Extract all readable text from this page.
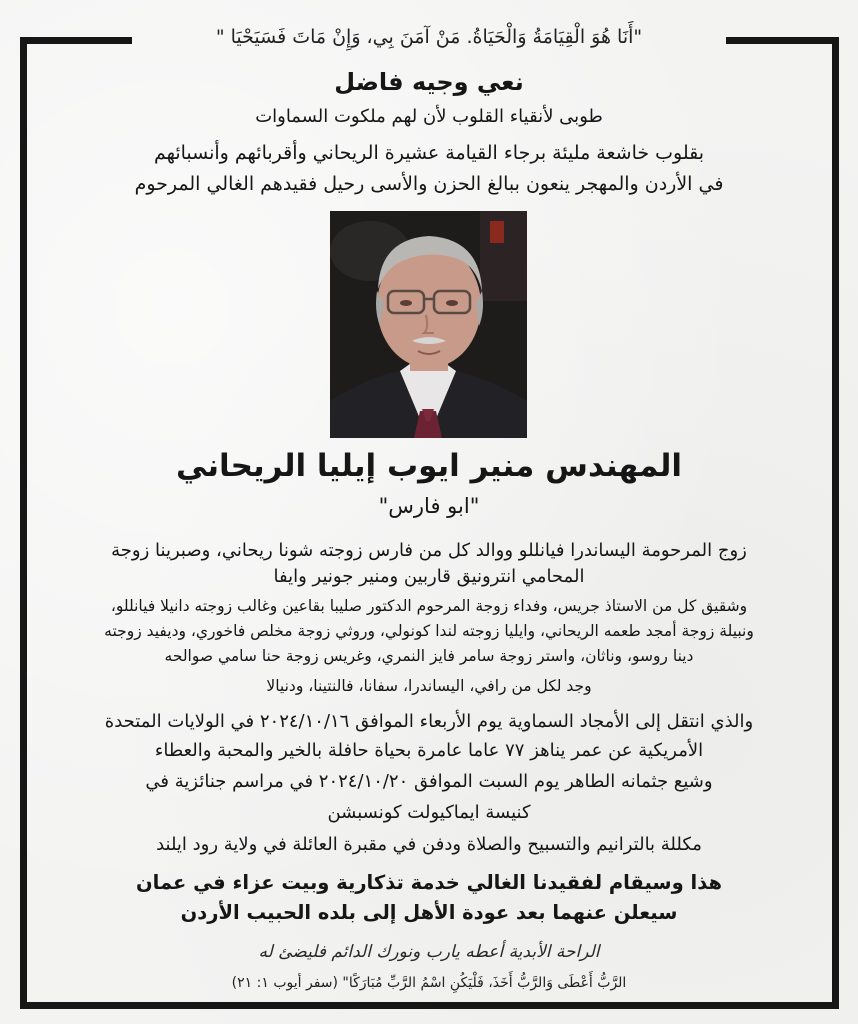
"أَنَا هُوَ الْقِيَامَةُ وَالْحَيَاةُ. مَنْ آمَنَ بِي، وَإِنْ مَاتَ فَسَيَحْيَا "
نعي وجيه فاضل
طوبى لأنقياء القلوب لأن لهم ملكوت السماوات
بقلوب خاشعة مليئة برجاء القيامة عشيرة الريحاني وأقربائهم وأنسبائهم
في الأردن والمهجر ينعون ببالغ الحزن والأسى رحيل فقيدهم الغالي المرحوم
المهندس منير ايوب إيليا الريحاني
"ابو فارس"
زوج المرحومة اليساندرا فيانللو ووالد كل من فارس زوجته شونا ريحاني، وصبرينا زوجة
المحامي انترونيق قاربين ومنير جونير وايفا
وشقيق كل من الاستاذ جريس، وفداء زوجة المرحوم الدكتور صليبا بقاعين وغالب زوجته دانيلا فيانللو،
ونبيلة زوجة أمجد طعمه الريحاني، وايليا زوجته لندا كونولي، وروثي زوجة مخلص فاخوري، وديفيد زوجته
دينا روسو، وناثان، واستر زوجة سامر فايز النمري، وغريس زوجة حنا سامي صوالحه
وجد لكل من رافي، اليساندرا، سفانا، فالنتينا، ودنيالا
والذي انتقل إلى الأمجاد السماوية يوم الأربعاء الموافق ٢٠٢٤/١٠/١٦ في الولايات المتحدة
الأمريكية عن عمر يناهز ٧٧ عاما عامرة بحياة حافلة بالخير والمحبة والعطاء
وشيع جثمانه الطاهر يوم السبت الموافق ٢٠٢٤/١٠/٢٠ في مراسم جنائزية في
كنيسة ايماكيولت كونسبشن
مكللة بالترانيم والتسبيح والصلاة ودفن في مقبرة العائلة في ولاية رود ايلند
هذا وسيقام لفقيدنا الغالي خدمة تذكارية وبيت عزاء في عمان
سيعلن عنهما بعد عودة الأهل إلى بلده الحبيب الأردن
الراحة الأبدية أعطه يارب ونورك الدائم فليضئ له
الرَّبُّ أَعْطَى وَالرَّبُّ أَخَذَ، فَلْيَكُنِ اسْمُ الرَّبِّ مُبَارَكًا" (سفر أيوب ١: ٢١)
